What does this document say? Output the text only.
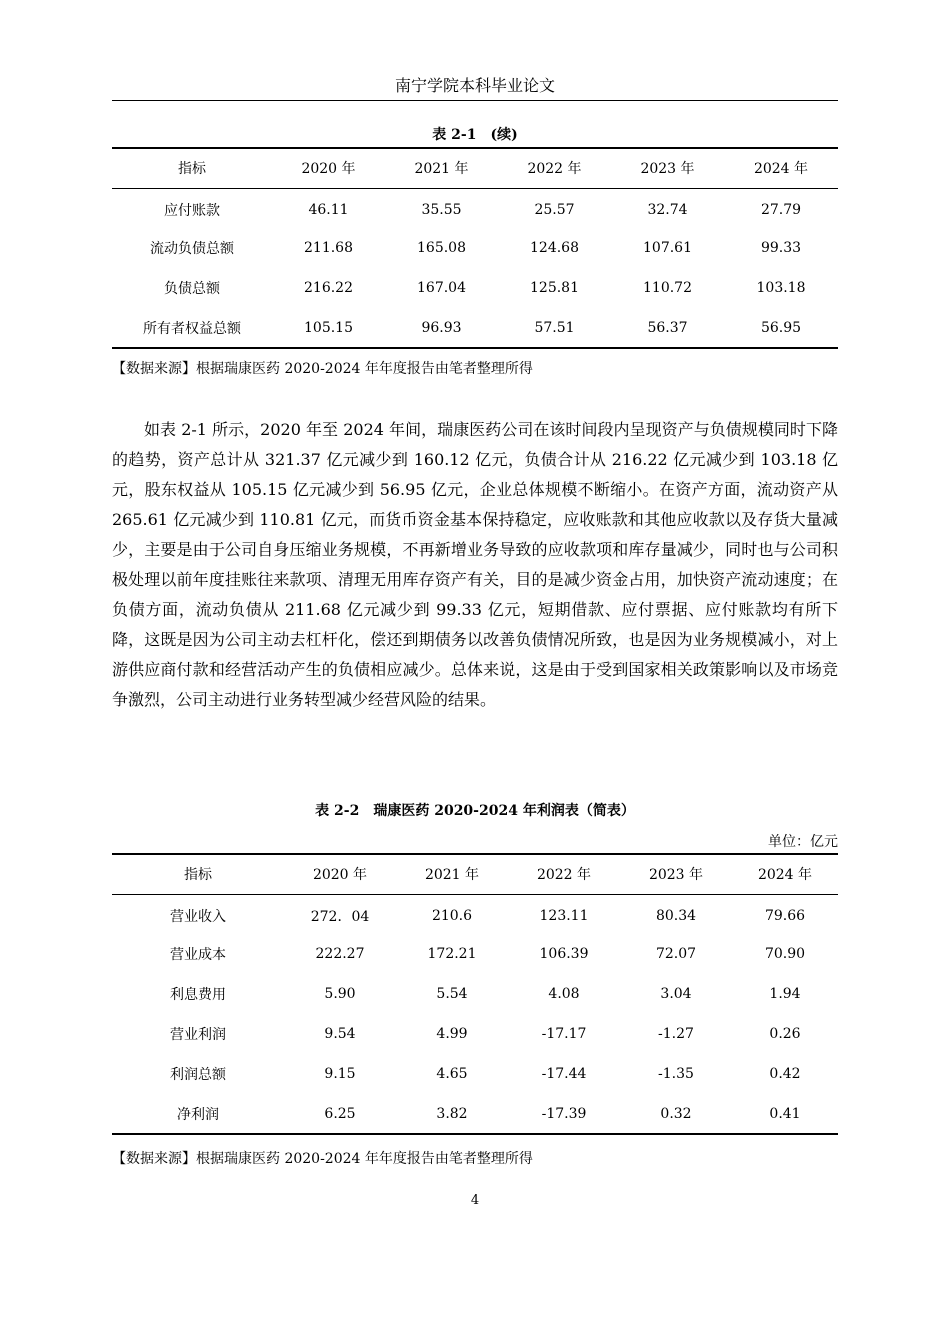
南宁学院本科毕业论文
表 2-1　(续)
指标	2020 年	2021 年	2022 年	2023 年	2024 年
应付账款	46.11	35.55	25.57	32.74	27.79
流动负债总额	211.68	165.08	124.68	107.61	99.33
负债总额	216.22	167.04	125.81	110.72	103.18
所有者权益总额	105.15	96.93	57.51	56.37	56.95
【数据来源】根据瑞康医药 2020-2024 年年度报告由笔者整理所得

如表 2-1 所示，2020 年至 2024 年间，瑞康医药公司在该时间段内呈现资产与负债规模同时下降的趋势，资产总计从 321.37 亿元减少到 160.12 亿元，负债合计从 216.22 亿元减少到 103.18 亿元，股东权益从 105.15 亿元减少到 56.95 亿元，企业总体规模不断缩小。在资产方面，流动资产从 265.61 亿元减少到 110.81 亿元，而货币资金基本保持稳定，应收账款和其他应收款以及存货大量减少，主要是由于公司自身压缩业务规模，不再新增业务导致的应收款项和库存量减少，同时也与公司积极处理以前年度挂账往来款项、清理无用库存资产有关，目的是减少资金占用，加快资产流动速度；在负债方面，流动负债从 211.68 亿元减少到 99.33 亿元，短期借款、应付票据、应付账款均有所下降，这既是因为公司主动去杠杆化，偿还到期债务以改善负债情况所致，也是因为业务规模减小，对上游供应商付款和经营活动产生的负债相应减少。总体来说，这是由于受到国家相关政策影响以及市场竞争激烈，公司主动进行业务转型减少经营风险的结果。

表 2-2　瑞康医药 2020-2024 年利润表（简表）
单位：亿元
指标	2020 年	2021 年	2022 年	2023 年	2024 年
营业收入	272．04	210.6	123.11	80.34	79.66
营业成本	222.27	172.21	106.39	72.07	70.90
利息费用	5.90	5.54	4.08	3.04	1.94
营业利润	9.54	4.99	-17.17	-1.27	0.26
利润总额	9.15	4.65	-17.44	-1.35	0.42
净利润	6.25	3.82	-17.39	0.32	0.41
【数据来源】根据瑞康医药 2020-2024 年年度报告由笔者整理所得
4
